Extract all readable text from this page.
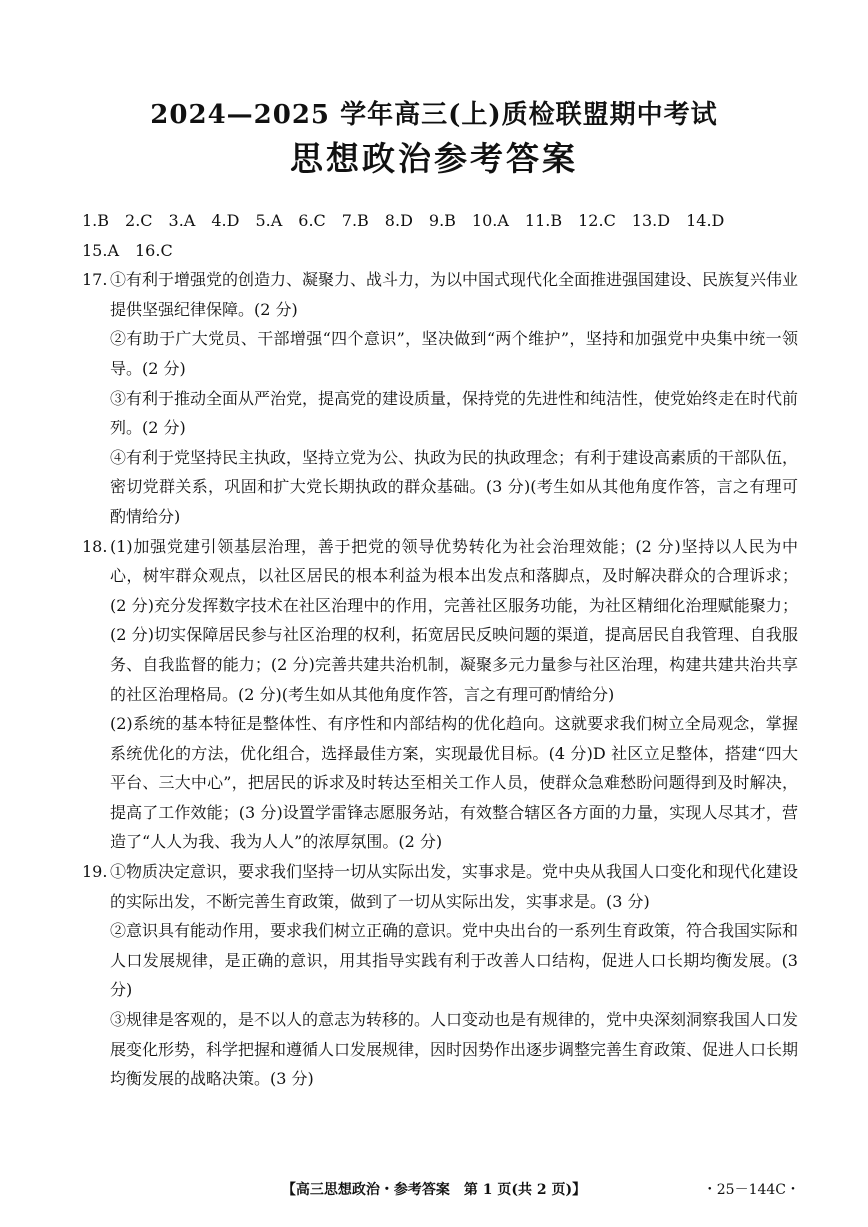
2024—2025 学年高三(上)质检联盟期中考试
思想政治参考答案
1.B　2.C　3.A　4.D　5.A　6.C　7.B　8.D　9.B　10.A　11.B　12.C　13.D　14.D
15.A　16.C
17. ①有利于增强党的创造力、凝聚力、战斗力，为以中国式现代化全面推进强国建设、民族复兴伟业提供坚强纪律保障。(2 分)

②有助于广大党员、干部增强“四个意识”，坚决做到“两个维护”，坚持和加强党中央集中统一领导。(2 分)

③有利于推动全面从严治党，提高党的建设质量，保持党的先进性和纯洁性，使党始终走在时代前列。(2 分)

④有利于党坚持民主执政，坚持立党为公、执政为民的执政理念；有利于建设高素质的干部队伍，密切党群关系，巩固和扩大党长期执政的群众基础。(3 分)(考生如从其他角度作答，言之有理可酌情给分)

18. (1)加强党建引领基层治理，善于把党的领导优势转化为社会治理效能；(2 分)坚持以人民为中心，树牢群众观点，以社区居民的根本利益为根本出发点和落脚点，及时解决群众的合理诉求；(2 分)充分发挥数字技术在社区治理中的作用，完善社区服务功能，为社区精细化治理赋能聚力；(2 分)切实保障居民参与社区治理的权利，拓宽居民反映问题的渠道，提高居民自我管理、自我服务、自我监督的能力；(2 分)完善共建共治机制，凝聚多元力量参与社区治理，构建共建共治共享的社区治理格局。(2 分)(考生如从其他角度作答，言之有理可酌情给分)

(2)系统的基本特征是整体性、有序性和内部结构的优化趋向。这就要求我们树立全局观念，掌握系统优化的方法，优化组合，选择最佳方案，实现最优目标。(4 分)D 社区立足整体，搭建“四大平台、三大中心”，把居民的诉求及时转达至相关工作人员，使群众急难愁盼问题得到及时解决，提高了工作效能；(3 分)设置学雷锋志愿服务站，有效整合辖区各方面的力量，实现人尽其才，营造了“人人为我、我为人人”的浓厚氛围。(2 分)

19. ①物质决定意识，要求我们坚持一切从实际出发，实事求是。党中央从我国人口变化和现代化建设的实际出发，不断完善生育政策，做到了一切从实际出发，实事求是。(3 分)

②意识具有能动作用，要求我们树立正确的意识。党中央出台的一系列生育政策，符合我国实际和人口发展规律，是正确的意识，用其指导实践有利于改善人口结构，促进人口长期均衡发展。(3 分)

③规律是客观的，是不以人的意志为转移的。人口变动也是有规律的，党中央深刻洞察我国人口发展变化形势，科学把握和遵循人口发展规律，因时因势作出逐步调整完善生育政策、促进人口长期均衡发展的战略决策。(3 分)

【高三思想政治・参考答案　第 1 页(共 2 页)】	・25－144C・
